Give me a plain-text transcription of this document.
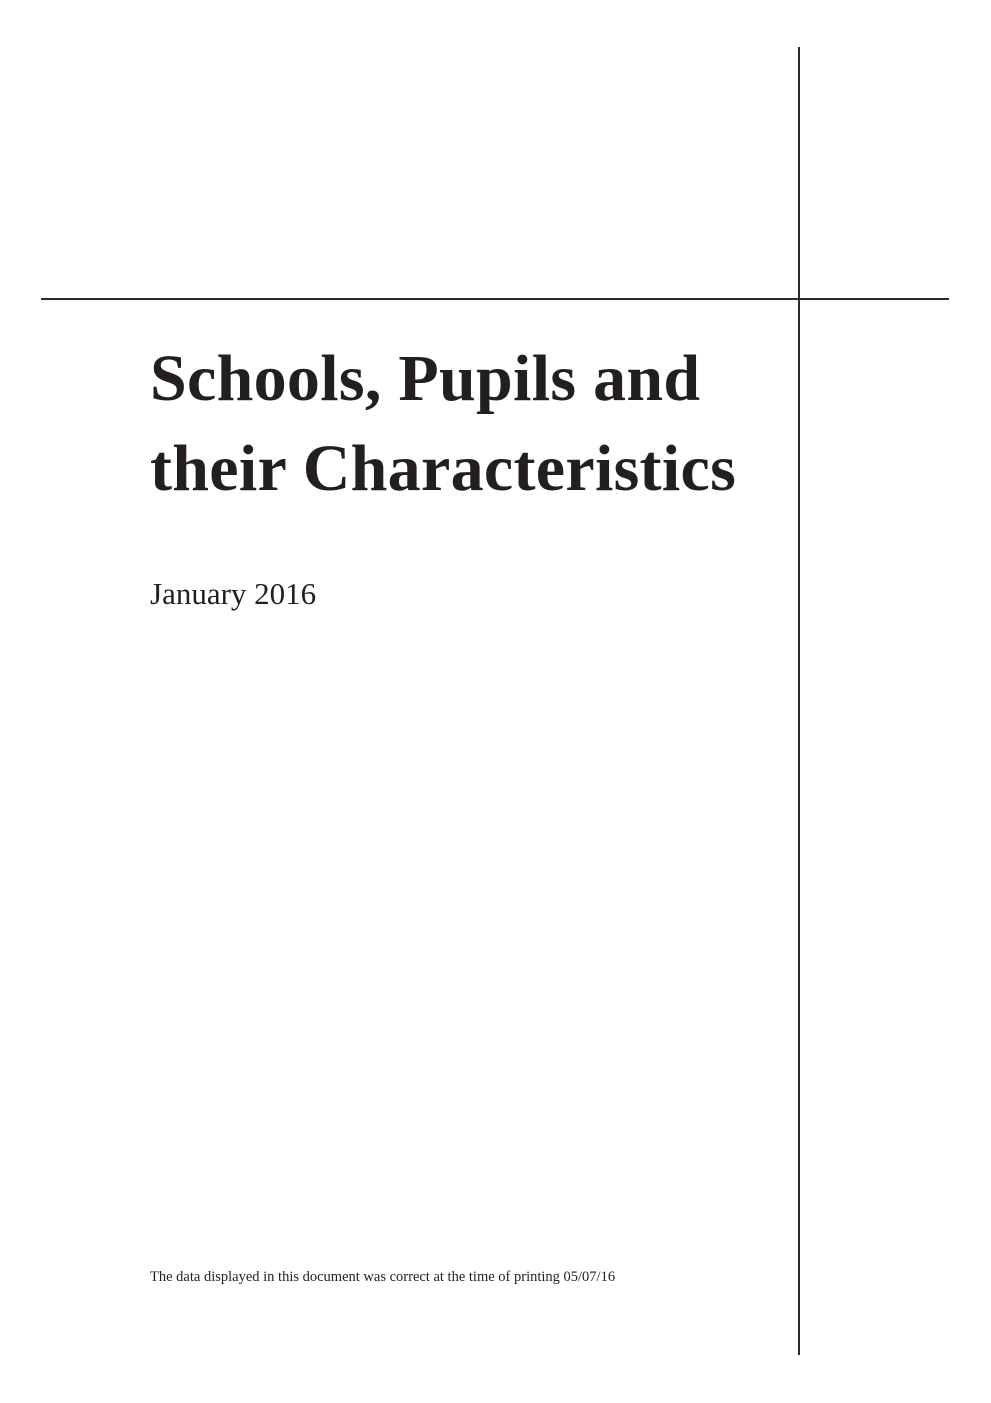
Schools, Pupils and
their Characteristics

January 2016

The data displayed in this document was correct at the time of printing 05/07/16
